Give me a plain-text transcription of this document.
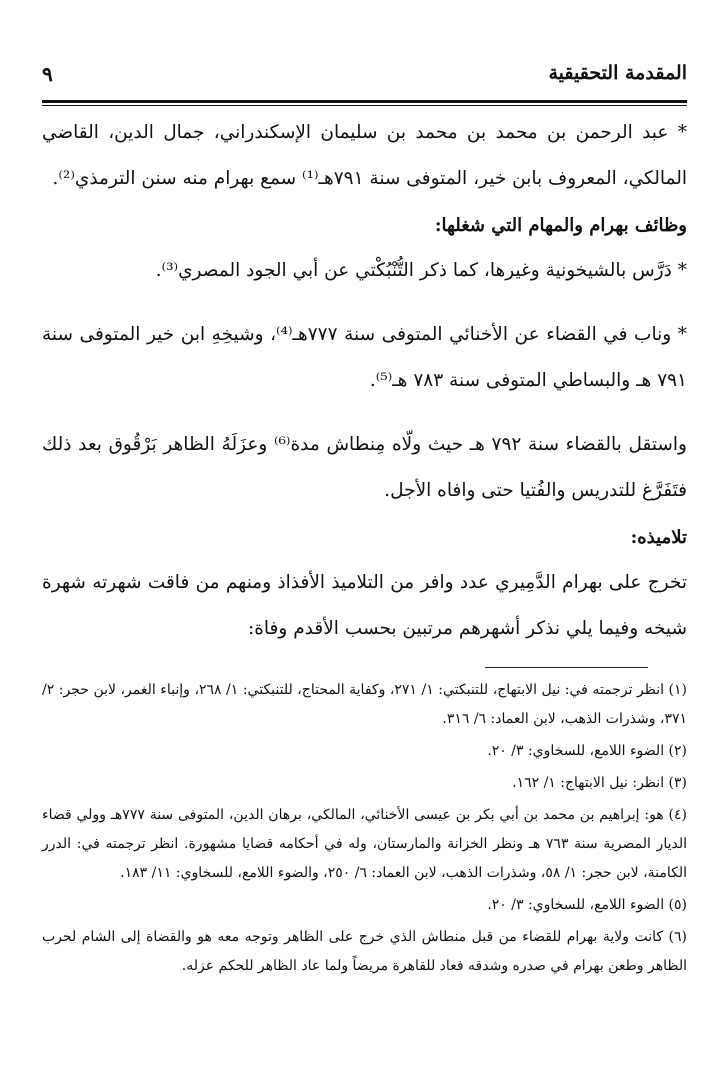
المقدمة التحقيقية
٩

* عبد الرحمن بن محمد بن محمد بن سليمان الإسكندراني، جمال الدين، القاضي المالكي، المعروف بابن خير، المتوفى سنة ٧٩١هـ⁽¹⁾ سمع بهرام منه سنن الترمذي⁽²⁾.

وظائف بهرام والمهام التي شغلها:

* دَرَّس بالشيخونية وغيرها، كما ذكر التُّنْبُكْتي عن أبي الجود المصري⁽³⁾.

* وناب في القضاء عن الأخنائي المتوفى سنة ٧٧٧هـ⁽⁴⁾، وشيخِهِ ابن خير المتوفى سنة ٧٩١ هـ والبساطي المتوفى سنة ٧٨٣ هـ⁽⁵⁾.

واستقل بالقضاء سنة ٧٩٢ هـ حيث ولّاه مِنطاش مدة⁽⁶⁾ وعزَلَهُ الظاهر بَرْقُوق بعد ذلك فتَفَرَّغ للتدريس والفُتيا حتى وافاه الأجل.

تلاميذه:

تخرج على بهرام الدَّمِيري عدد وافر من التلاميذ الأفذاذ ومنهم من فاقت شهرته شهرة شيخه وفيما يلي نذكر أشهرهم مرتبين بحسب الأقدم وفاة:

(١) انظر ترجمته في: نيل الابتهاج، للتنبكتي: ١/ ٢٧١، وكفاية المحتاج، للتنبكتي: ١/ ٢٦٨، وإنباء الغمر، لابن حجر: ٢/ ٣٧١، وشذرات الذهب، لابن العماد: ٦/ ٣١٦.

(٢) الضوء اللامع، للسخاوي: ٣/ ٢٠.

(٣) انظر: نيل الابتهاج: ١/ ١٦٢.

(٤) هو: إبراهيم بن محمد بن أبي بكر بن عيسى الأخنائي، المالكي، برهان الدين، المتوفى سنة ٧٧٧هـ وولي قضاء الديار المصرية سنة ٧٦٣ هـ ونظر الخزانة والمارستان، وله في أحكامه قضايا مشهورة. انظر ترجمته في: الدرر الكامنة، لابن حجر: ١/ ٥٨، وشذرات الذهب، لابن العماد: ٦/ ٢٥٠، والضوء اللامع، للسخاوي: ١١/ ١٨٣.

(٥) الضوء اللامع، للسخاوي: ٣/ ٢٠.

(٦) كانت ولاية بهرام للقضاء من قبل منطاش الذي خرج على الظاهر وتوجه معه هو والقضاة إلى الشام لحرب الظاهر وطعن بهرام في صدره وشدقه فعاد للقاهرة مريضاً ولما عاد الظاهر للحكم عزله.
